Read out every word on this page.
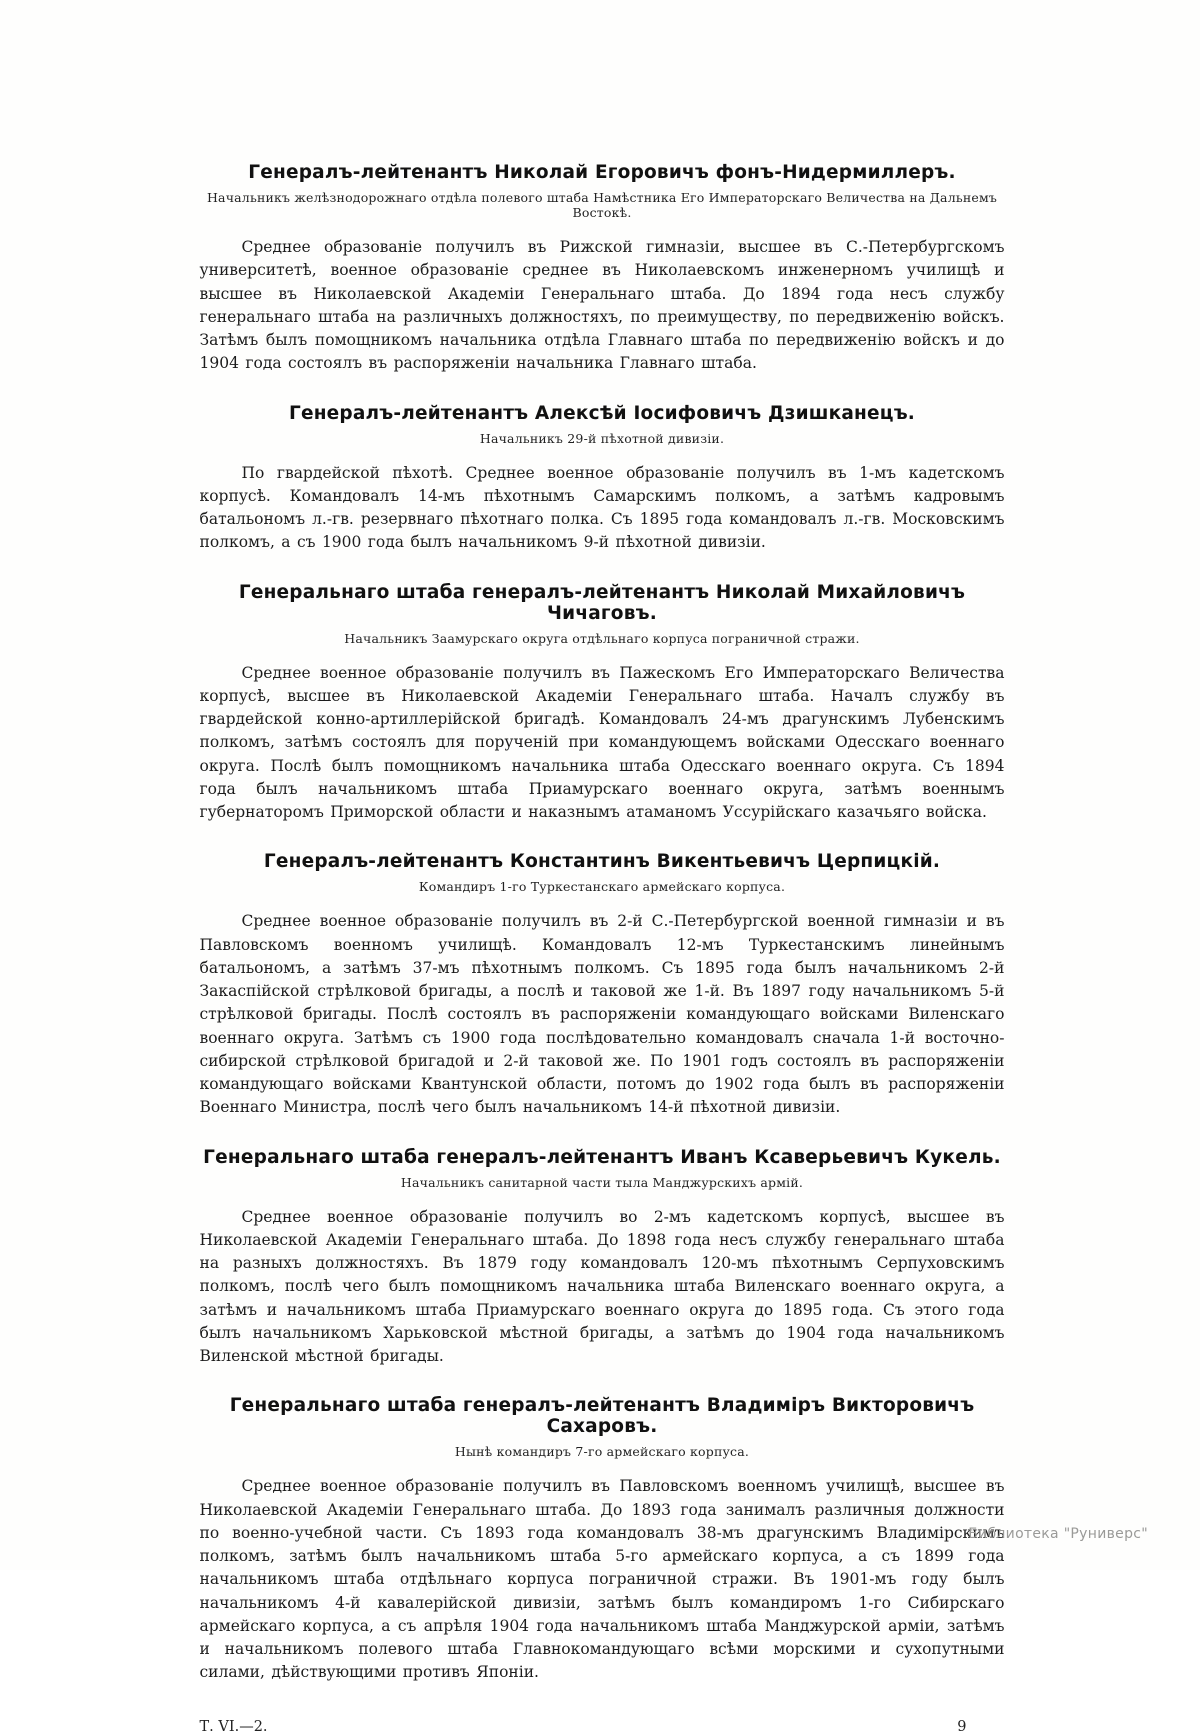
Генералъ-лейтенантъ Николай Егоровичъ фонъ-Нидермиллеръ.
Начальникъ желѣзнодорожнаго отдѣла полевого штаба Намѣстника Его Императорскаго Величества на Дальнемъ Востокѣ.

Среднее образованіе получилъ въ Рижской гимназіи, высшее въ С.-Петербургскомъ университетѣ, военное образованіе среднее въ Николаевскомъ инженерномъ училищѣ и высшее въ Николаевской Академіи Генеральнаго штаба. До 1894 года несъ службу генеральнаго штаба на различныхъ должностяхъ, по преимуществу, по передвиженію войскъ. Затѣмъ былъ помощникомъ начальника отдѣла Главнаго штаба по передвиженію войскъ и до 1904 года состоялъ въ распоряженіи начальника Главнаго штаба.

Генералъ-лейтенантъ Алексѣй Іосифовичъ Дзишканецъ.
Начальникъ 29-й пѣхотной дивизіи.

По гвардейской пѣхотѣ. Среднее военное образованіе получилъ въ 1-мъ кадетскомъ корпусѣ. Командовалъ 14-мъ пѣхотнымъ Самарскимъ полкомъ, а затѣмъ кадровымъ батальономъ л.-гв. резервнаго пѣхотнаго полка. Съ 1895 года командовалъ л.-гв. Московскимъ полкомъ, а съ 1900 года былъ начальникомъ 9-й пѣхотной дивизіи.

Генеральнаго штаба генералъ-лейтенантъ Николай Михайловичъ Чичаговъ.
Начальникъ Заамурскаго округа отдѣльнаго корпуса пограничной стражи.

Среднее военное образованіе получилъ въ Пажескомъ Его Императорскаго Величества корпусѣ, высшее въ Николаевской Академіи Генеральнаго штаба. Началъ службу въ гвардейской конно-артиллерійской бригадѣ. Командовалъ 24-мъ драгунскимъ Лубенскимъ полкомъ, затѣмъ состоялъ для порученій при командующемъ войсками Одесскаго военнаго округа. Послѣ былъ помощникомъ начальника штаба Одесскаго военнаго округа. Съ 1894 года былъ начальникомъ штаба Приамурскаго военнаго округа, затѣмъ военнымъ губернаторомъ Приморской области и наказнымъ атаманомъ Уссурійскаго казачьяго войска.

Генералъ-лейтенантъ Константинъ Викентьевичъ Церпицкій.
Командиръ 1-го Туркестанскаго армейскаго корпуса.

Среднее военное образованіе получилъ въ 2-й С.-Петербургской военной гимназіи и въ Павловскомъ военномъ училищѣ. Командовалъ 12-мъ Туркестанскимъ линейнымъ батальономъ, а затѣмъ 37-мъ пѣхотнымъ полкомъ. Съ 1895 года былъ начальникомъ 2-й Закаспійской стрѣлковой бригады, а послѣ и таковой же 1-й. Въ 1897 году начальникомъ 5-й стрѣлковой бригады. Послѣ состоялъ въ распоряженіи командующаго войсками Виленскаго военнаго округа. Затѣмъ съ 1900 года послѣдовательно командовалъ сначала 1-й восточно-сибирской стрѣлковой бригадой и 2-й таковой же. По 1901 годъ состоялъ въ распоряженіи командующаго войсками Квантунской области, потомъ до 1902 года былъ въ распоряженіи Военнаго Министра, послѣ чего былъ начальникомъ 14-й пѣхотной дивизіи.

Генеральнаго штаба генералъ-лейтенантъ Иванъ Ксаверьевичъ Кукель.
Начальникъ санитарной части тыла Манджурскихъ армій.

Среднее военное образованіе получилъ во 2-мъ кадетскомъ корпусѣ, высшее въ Николаевской Академіи Генеральнаго штаба. До 1898 года несъ службу генеральнаго штаба на разныхъ должностяхъ. Въ 1879 году командовалъ 120-мъ пѣхотнымъ Серпуховскимъ полкомъ, послѣ чего былъ помощникомъ начальника штаба Виленскаго военнаго округа, а затѣмъ и начальникомъ штаба Приамурскаго военнаго округа до 1895 года. Съ этого года былъ начальникомъ Харьковской мѣстной бригады, а затѣмъ до 1904 года начальникомъ Виленской мѣстной бригады.

Генеральнаго штаба генералъ-лейтенантъ Владиміръ Викторовичъ Сахаровъ.
Нынѣ командиръ 7-го армейскаго корпуса.

Среднее военное образованіе получилъ въ Павловскомъ военномъ училищѣ, высшее въ Николаевской Академіи Генеральнаго штаба. До 1893 года занималъ различныя должности по военно-учебной части. Съ 1893 года командовалъ 38-мъ драгунскимъ Владимірскимъ полкомъ, затѣмъ былъ начальникомъ штаба 5-го армейскаго корпуса, а съ 1899 года начальникомъ штаба отдѣльнаго корпуса пограничной стражи. Въ 1901-мъ году былъ начальникомъ 4-й кавалерійской дивизіи, затѣмъ былъ командиромъ 1-го Сибирскаго армейскаго корпуса, а съ апрѣля 1904 года начальникомъ штаба Манджурской арміи, затѣмъ и начальникомъ полевого штаба Главнокомандующаго всѣми морскими и сухопутными силами, дѣйствующими противъ Японіи.

Т. VI.—2.	9
Библиотека "Руниверс"
